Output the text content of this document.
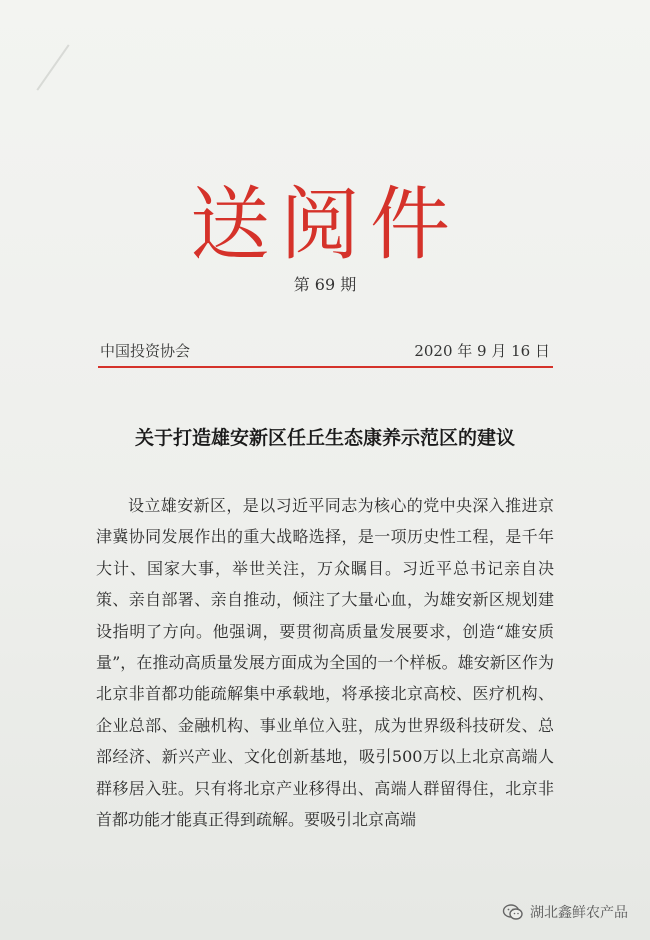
送阅件
第 69 期
中国投资协会	2020 年 9 月 16 日
关于打造雄安新区任丘生态康养示范区的建议

设立雄安新区，是以习近平同志为核心的党中央深入推进京津冀协同发展作出的重大战略选择，是一项历史性工程，是千年大计、国家大事，举世关注，万众瞩目。习近平总书记亲自决策、亲自部署、亲自推动，倾注了大量心血，为雄安新区规划建设指明了方向。他强调，要贯彻高质量发展要求，创造“雄安质量”，在推动高质量发展方面成为全国的一个样板。雄安新区作为北京非首都功能疏解集中承载地，将承接北京高校、医疗机构、企业总部、金融机构、事业单位入驻，成为世界级科技研发、总部经济、新兴产业、文化创新基地，吸引500万以上北京高端人群移居入驻。只有将北京产业移得出、高端人群留得住，北京非首都功能才能真正得到疏解。要吸引北京高端

湖北鑫鲜农产品
